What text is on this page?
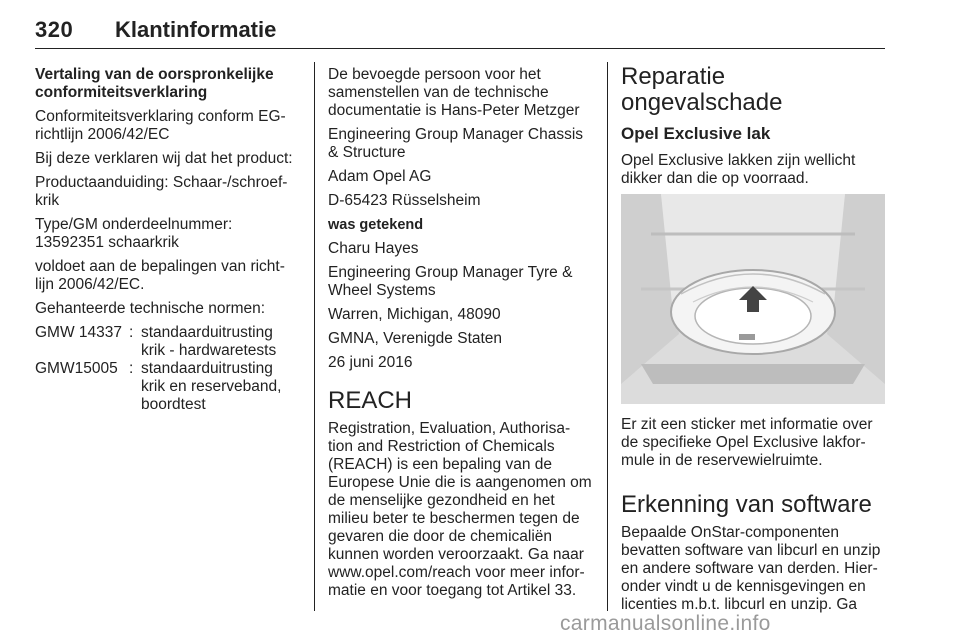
320 Klantinformatie

Vertaling van de oorspronkelijke conformiteitsverklaring

Conformiteitsverklaring conform EG-richtlijn 2006/42/EC

Bij deze verklaren wij dat het product:

Productaanduiding: Schaar-/schroef-krik

Type/GM onderdeelnummer: 13592351 schaarkrik

voldoet aan de bepalingen van richt-lijn 2006/42/EC.

Gehanteerde technische normen:

GMW 14337 : standaarduitrusting krik - hardwaretests
GMW15005 : standaarduitrusting krik en reserveband, boordtest

De bevoegde persoon voor het samenstellen van de technische documentatie is Hans-Peter Metzger

Engineering Group Manager Chassis & Structure

Adam Opel AG

D-65423 Rüsselsheim

was getekend

Charu Hayes

Engineering Group Manager Tyre & Wheel Systems

Warren, Michigan, 48090

GMNA, Verenigde Staten

26 juni 2016

REACH

Registration, Evaluation, Authorisa-tion and Restriction of Chemicals (REACH) is een bepaling van de Europese Unie die is aangenomen om de menselijke gezondheid en het milieu beter te beschermen tegen de gevaren die door de chemicaliën kunnen worden veroorzaakt. Ga naar www.opel.com/reach voor meer infor-matie en voor toegang tot Artikel 33.

Reparatie ongevalschade
Opel Exclusive lak

Opel Exclusive lakken zijn wellicht dikker dan die op voorraad.

Er zit een sticker met informatie over de specifieke Opel Exclusive lakfor-mule in de reservewielruimte.

Erkenning van software

Bepaalde OnStar-componenten bevatten software van libcurl en unzip en andere software van derden. Hier-onder vindt u de kennisgevingen en licenties m.b.t. libcurl en unzip. Ga

carmanualsonline.info
